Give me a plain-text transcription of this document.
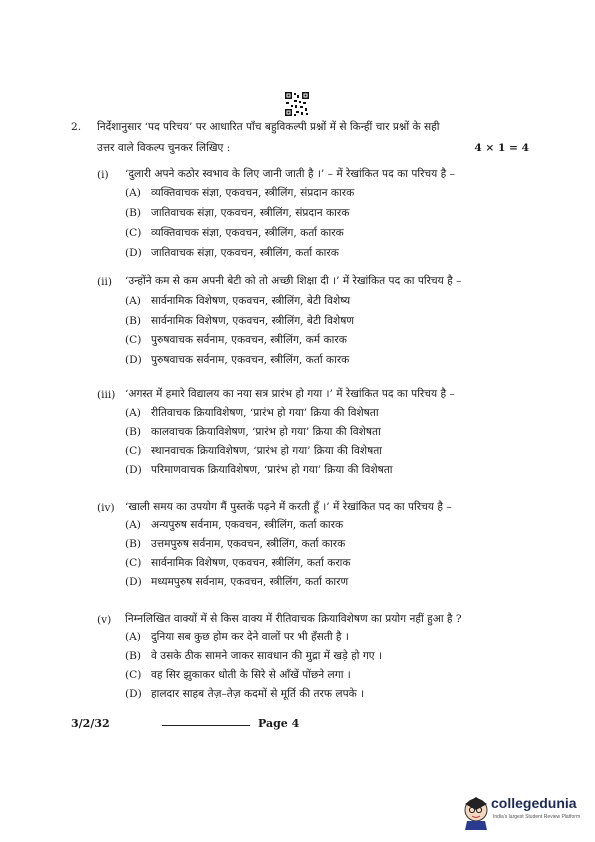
2. निर्देशानुसार ‘पद परिचय’ पर आधारित पाँच बहुविकल्पी प्रश्नों में से किन्हीं चार प्रश्नों के सही
उत्तर वाले विकल्प चुनकर लिखिए :	4 × 1 = 4
(i) ‘दुलारी अपने कठोर स्वभाव के लिए जानी जाती है ।’ – में रेखांकित पद का परिचय है –
(A) व्यक्तिवाचक संज्ञा, एकवचन, स्त्रीलिंग, संप्रदान कारक
(B) जातिवाचक संज्ञा, एकवचन, स्त्रीलिंग, संप्रदान कारक
(C) व्यक्तिवाचक संज्ञा, एकवचन, स्त्रीलिंग, कर्ता कारक
(D) जातिवाचक संज्ञा, एकवचन, स्त्रीलिंग, कर्ता कारक
(ii) ‘उन्होंने कम से कम अपनी बेटी को तो अच्छी शिक्षा दी ।’ में रेखांकित पद का परिचय है –
(A) सार्वनामिक विशेषण, एकवचन, स्त्रीलिंग, बेटी विशेष्य
(B) सार्वनामिक विशेषण, एकवचन, स्त्रीलिंग, बेटी विशेषण
(C) पुरुषवाचक सर्वनाम, एकवचन, स्त्रीलिंग, कर्म कारक
(D) पुरुषवाचक सर्वनाम, एकवचन, स्त्रीलिंग, कर्ता कारक
(iii) ‘अगस्त में हमारे विद्यालय का नया सत्र प्रारंभ हो गया ।’ में रेखांकित पद का परिचय है –
(A) रीतिवाचक क्रियाविशेषण, ‘प्रारंभ हो गया’ क्रिया की विशेषता
(B) कालवाचक क्रियाविशेषण, ‘प्रारंभ हो गया’ क्रिया की विशेषता
(C) स्थानवाचक क्रियाविशेषण, ‘प्रारंभ हो गया’ क्रिया की विशेषता
(D) परिमाणवाचक क्रियाविशेषण, ‘प्रारंभ हो गया’ क्रिया की विशेषता
(iv) ‘खाली समय का उपयोग मैं पुस्तकें पढ़ने में करती हूँ ।’ में रेखांकित पद का परिचय है –
(A) अन्यपुरुष सर्वनाम, एकवचन, स्त्रीलिंग, कर्ता कारक
(B) उत्तमपुरुष सर्वनाम, एकवचन, स्त्रीलिंग, कर्ता कारक
(C) सार्वनामिक विशेषण, एकवचन, स्त्रीलिंग, कर्ता कराक
(D) मध्यमपुरुष सर्वनाम, एकवचन, स्त्रीलिंग, कर्ता कारण
(v) निम्नलिखित वाक्यों में से किस वाक्य में रीतिवाचक क्रियाविशेषण का प्रयोग नहीं हुआ है ?
(A) दुनिया सब कुछ होम कर देने वालों पर भी हँसती है ।
(B) वे उसके ठीक सामने जाकर सावधान की मुद्रा में खड़े हो गए ।
(C) वह सिर झुकाकर धोती के सिरे से आँखें पोंछने लगा ।
(D) हालदार साहब तेज़–तेज़ कदमों से मूर्ति की तरफ लपके ।
3/2/32	Page 4
collegedunia
India's largest Student Review Platform
